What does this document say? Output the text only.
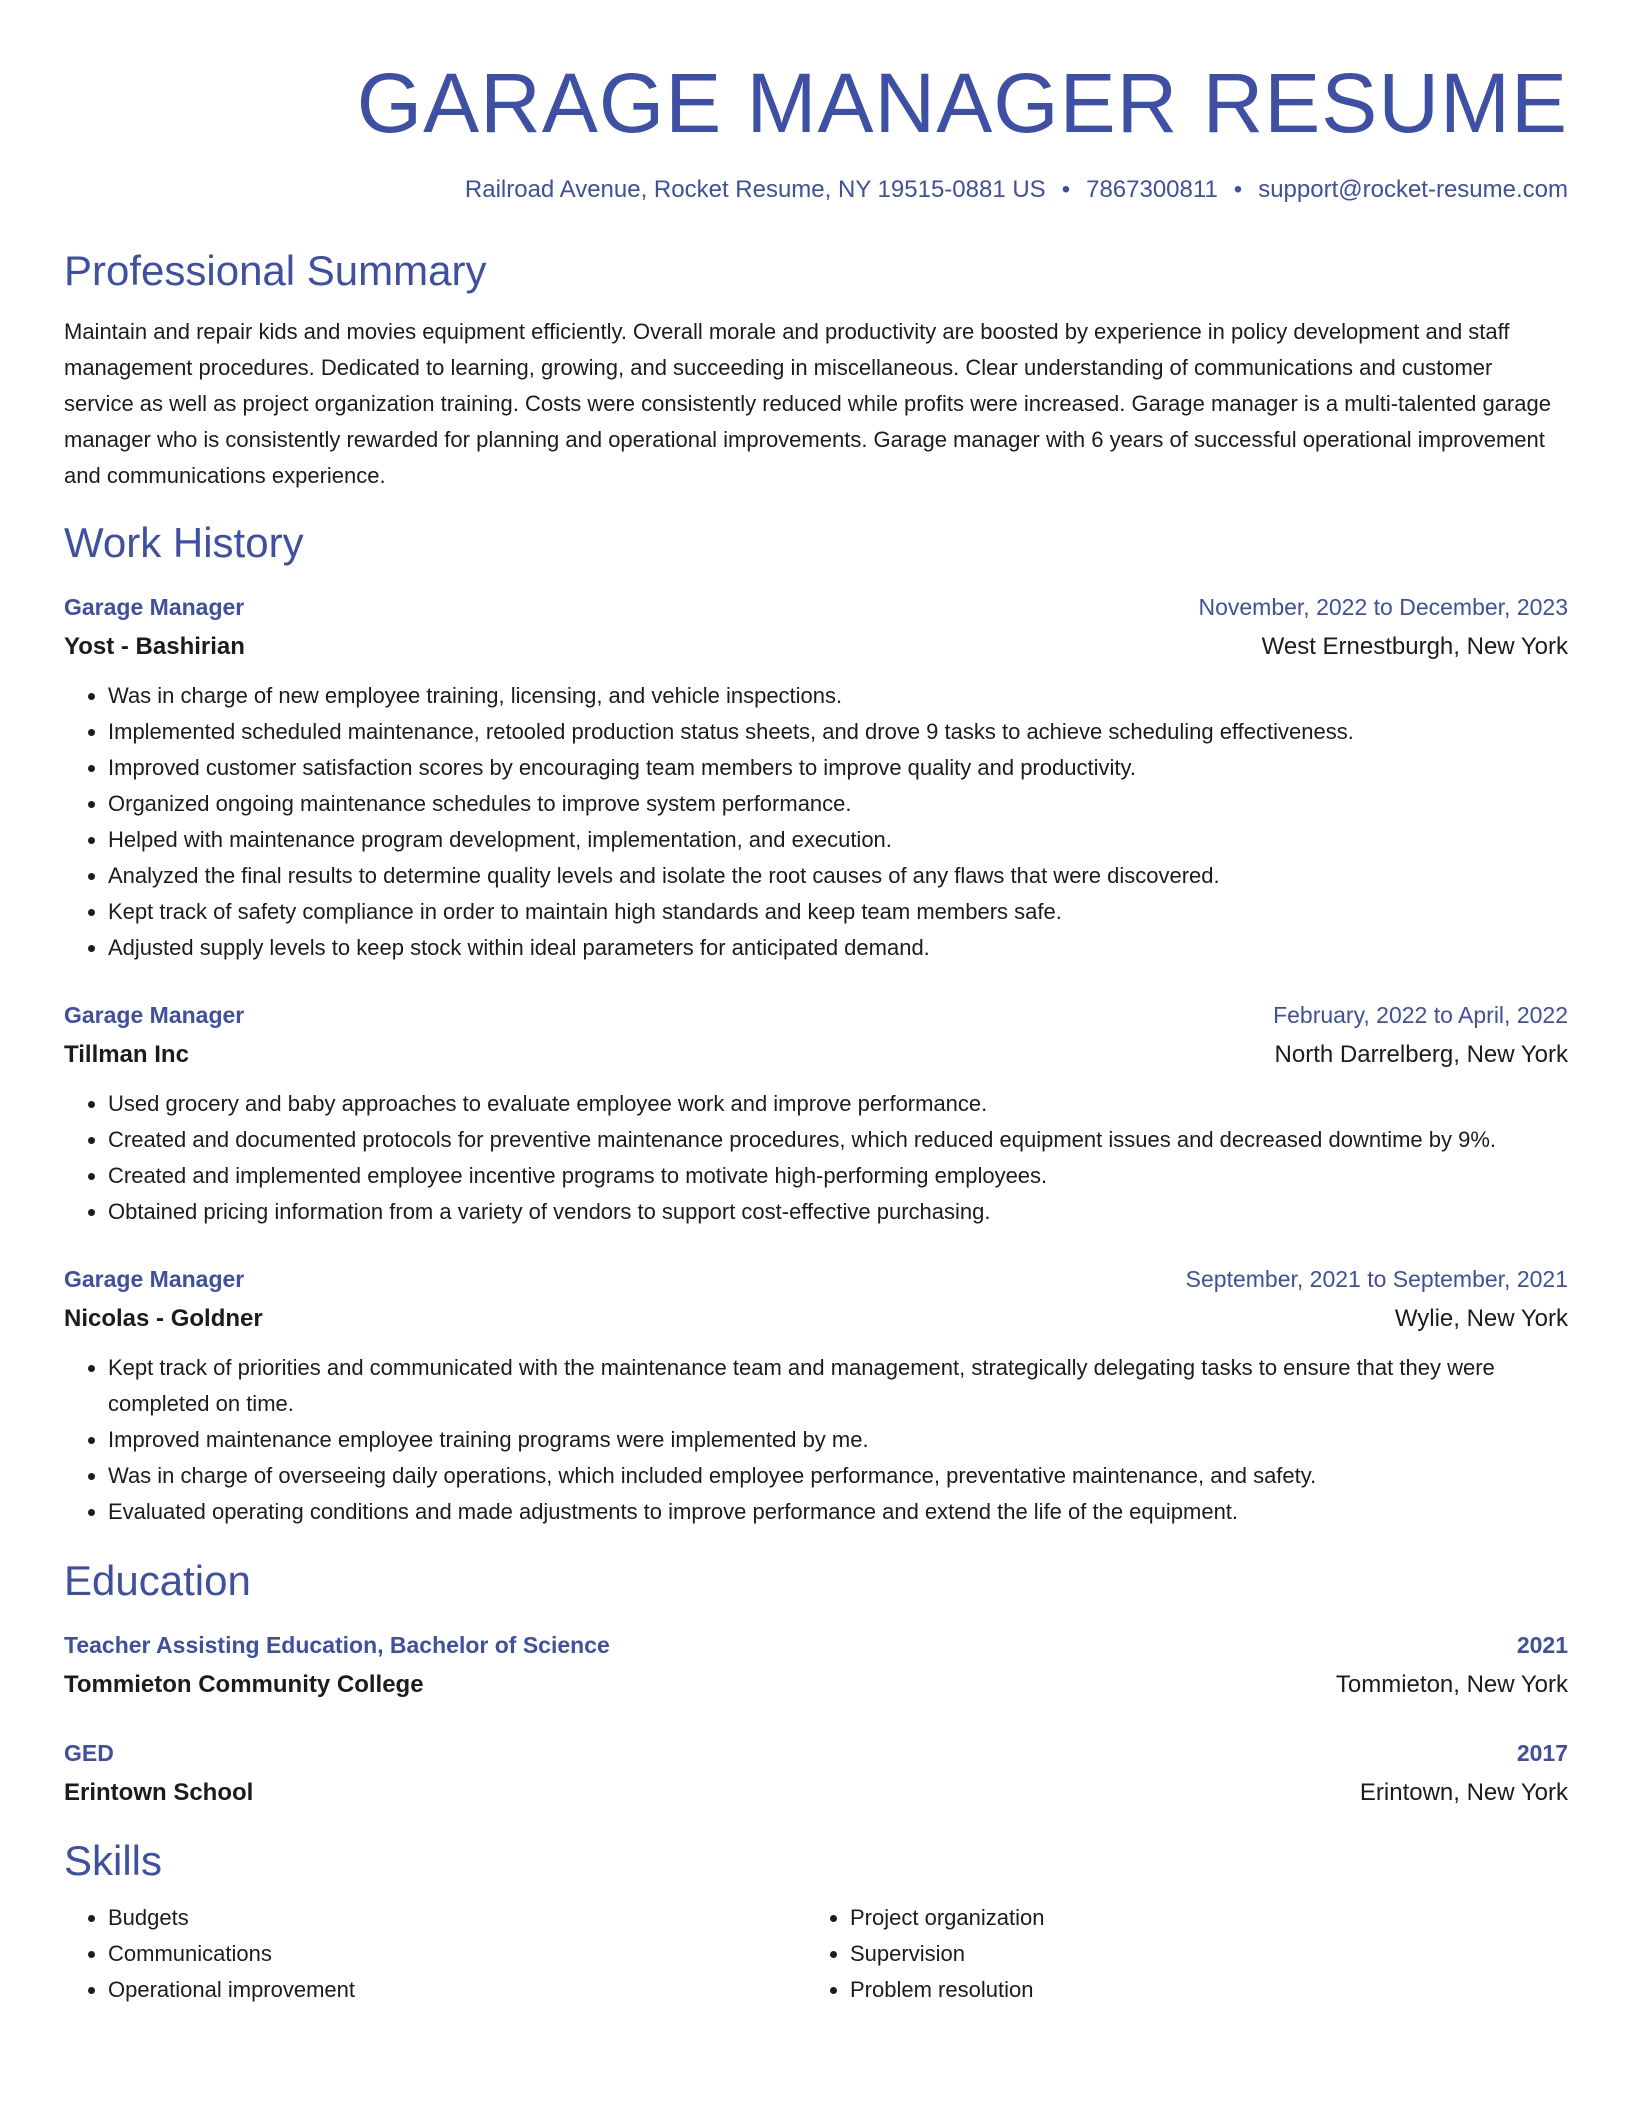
GARAGE MANAGER RESUME
Railroad Avenue, Rocket Resume, NY 19515-0881 US • 7867300811 • support@rocket-resume.com
Professional Summary

Maintain and repair kids and movies equipment efficiently. Overall morale and productivity are boosted by experience in policy development and staff management procedures. Dedicated to learning, growing, and succeeding in miscellaneous. Clear understanding of communications and customer service as well as project organization training. Costs were consistently reduced while profits were increased. Garage manager is a multi-talented garage manager who is consistently rewarded for planning and operational improvements. Garage manager with 6 years of successful operational improvement and communications experience.

Work History
Garage Manager	November, 2022 to December, 2023
Yost - Bashirian	West Ernestburgh, New York
• Was in charge of new employee training, licensing, and vehicle inspections.
• Implemented scheduled maintenance, retooled production status sheets, and drove 9 tasks to achieve scheduling effectiveness.
• Improved customer satisfaction scores by encouraging team members to improve quality and productivity.
• Organized ongoing maintenance schedules to improve system performance.
• Helped with maintenance program development, implementation, and execution.
• Analyzed the final results to determine quality levels and isolate the root causes of any flaws that were discovered.
• Kept track of safety compliance in order to maintain high standards and keep team members safe.
• Adjusted supply levels to keep stock within ideal parameters for anticipated demand.
Garage Manager	February, 2022 to April, 2022
Tillman Inc	North Darrelberg, New York
• Used grocery and baby approaches to evaluate employee work and improve performance.
• Created and documented protocols for preventive maintenance procedures, which reduced equipment issues and decreased downtime by 9%.
• Created and implemented employee incentive programs to motivate high-performing employees.
• Obtained pricing information from a variety of vendors to support cost-effective purchasing.
Garage Manager	September, 2021 to September, 2021
Nicolas - Goldner	Wylie, New York
• Kept track of priorities and communicated with the maintenance team and management, strategically delegating tasks to ensure that they were completed on time.
• Improved maintenance employee training programs were implemented by me.
• Was in charge of overseeing daily operations, which included employee performance, preventative maintenance, and safety.
• Evaluated operating conditions and made adjustments to improve performance and extend the life of the equipment.
Education
Teacher Assisting Education, Bachelor of Science	2021
Tommieton Community College	Tommieton, New York
GED	2017
Erintown School	Erintown, New York
Skills
• Budgets
• Communications
• Operational improvement
• Project organization
• Supervision
• Problem resolution
